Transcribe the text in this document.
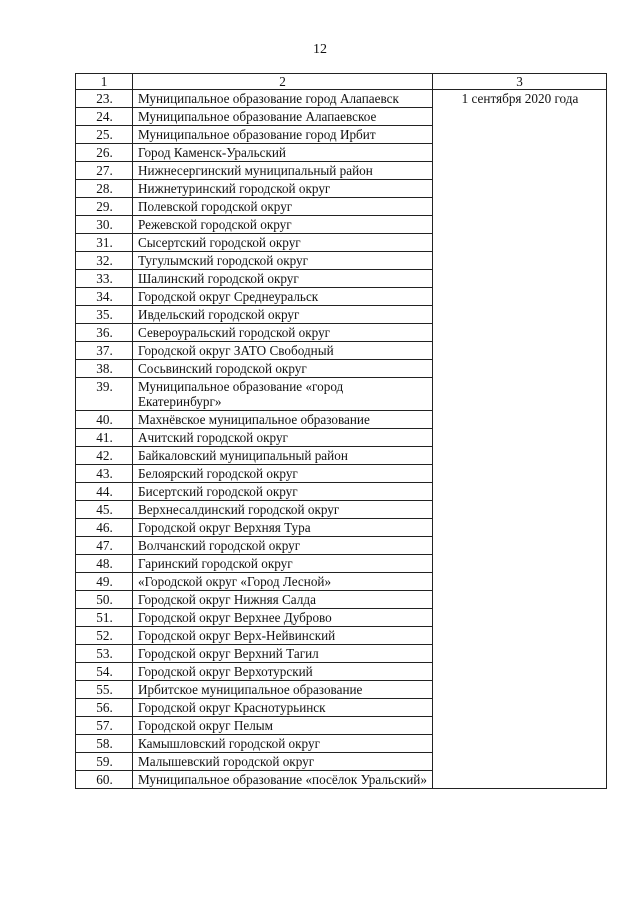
12
1	2	3
23.	Муниципальное образование город Алапаевск	1 сентября 2020 года
24.	Муниципальное образование Алапаевское	
25.	Муниципальное образование город Ирбит	
26.	Город Каменск-Уральский	
27.	Нижнесергинский муниципальный район	
28.	Нижнетуринский городской округ	
29.	Полевской городской округ	
30.	Режевской городской округ	
31.	Сысертский городской округ	
32.	Тугулымский городской округ	
33.	Шалинский городской округ	
34.	Городской округ Среднеуральск	
35.	Ивдельский городской округ	
36.	Североуральский городской округ	
37.	Городской округ ЗАТО Свободный	
38.	Сосьвинский городской округ	
39.	Муниципальное образование «город Екатеринбург»	
40.	Махнёвское муниципальное образование	
41.	Ачитский городской округ	
42.	Байкаловский муниципальный район	
43.	Белоярский городской округ	
44.	Бисертский городской округ	
45.	Верхнесалдинский городской округ	
46.	Городской округ Верхняя Тура	
47.	Волчанский городской округ	
48.	Гаринский городской округ	
49.	«Городской округ «Город Лесной»	
50.	Городской округ Нижняя Салда	
51.	Городской округ Верхнее Дуброво	
52.	Городской округ Верх-Нейвинский	
53.	Городской округ Верхний Тагил	
54.	Городской округ Верхотурский	
55.	Ирбитское муниципальное образование	
56.	Городской округ Краснотурьинск	
57.	Городской округ Пелым	
58.	Камышловский городской округ	
59.	Малышевский городской округ	
60.	Муниципальное образование «посёлок Уральский»	
